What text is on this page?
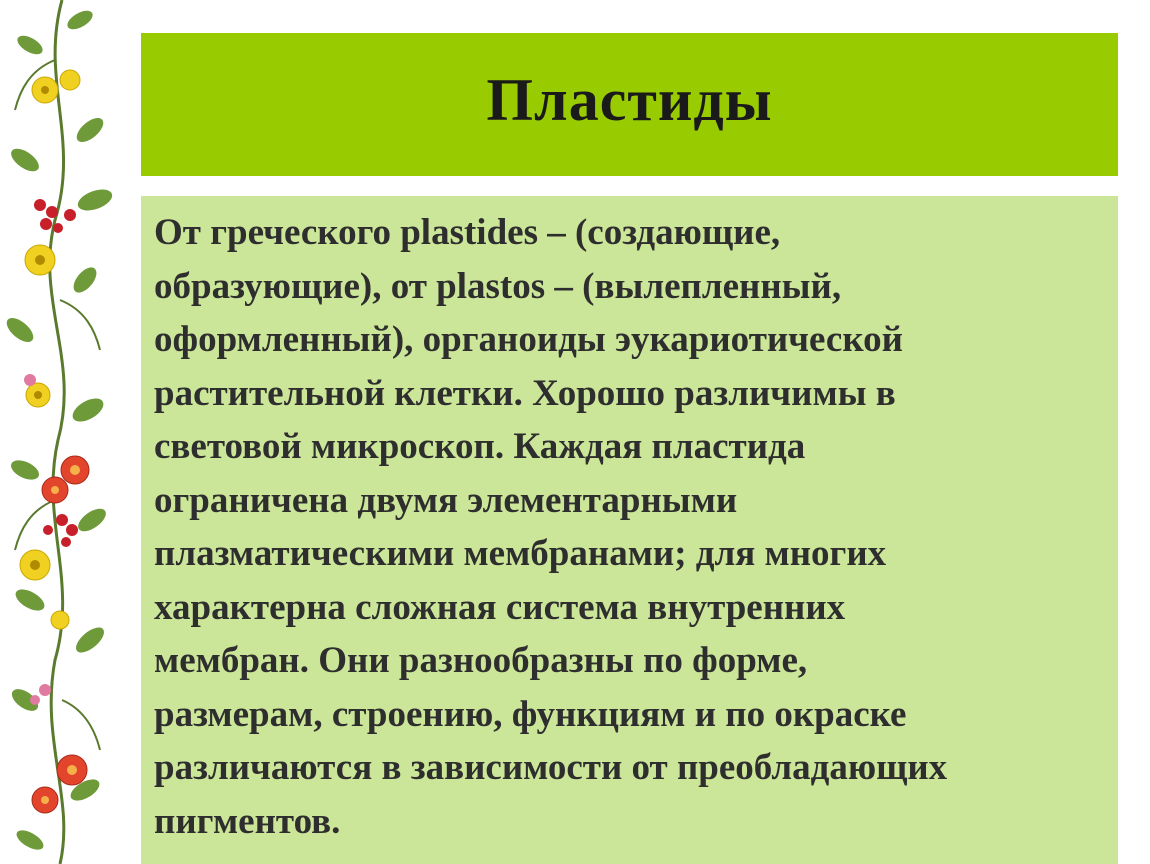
Пластиды

От греческого plastides – (создающие,
образующие), от plastos – (вылепленный,
оформленный), органоиды эукариотической
растительной клетки. Хорошо различимы в
световой микроскоп. Каждая пластида
ограничена двумя элементарными
плазматическими мембранами; для многих
характерна сложная система внутренних
мембран. Они разнообразны по форме,
размерам, строению, функциям и по окраске
различаются в зависимости от преобладающих
пигментов.
